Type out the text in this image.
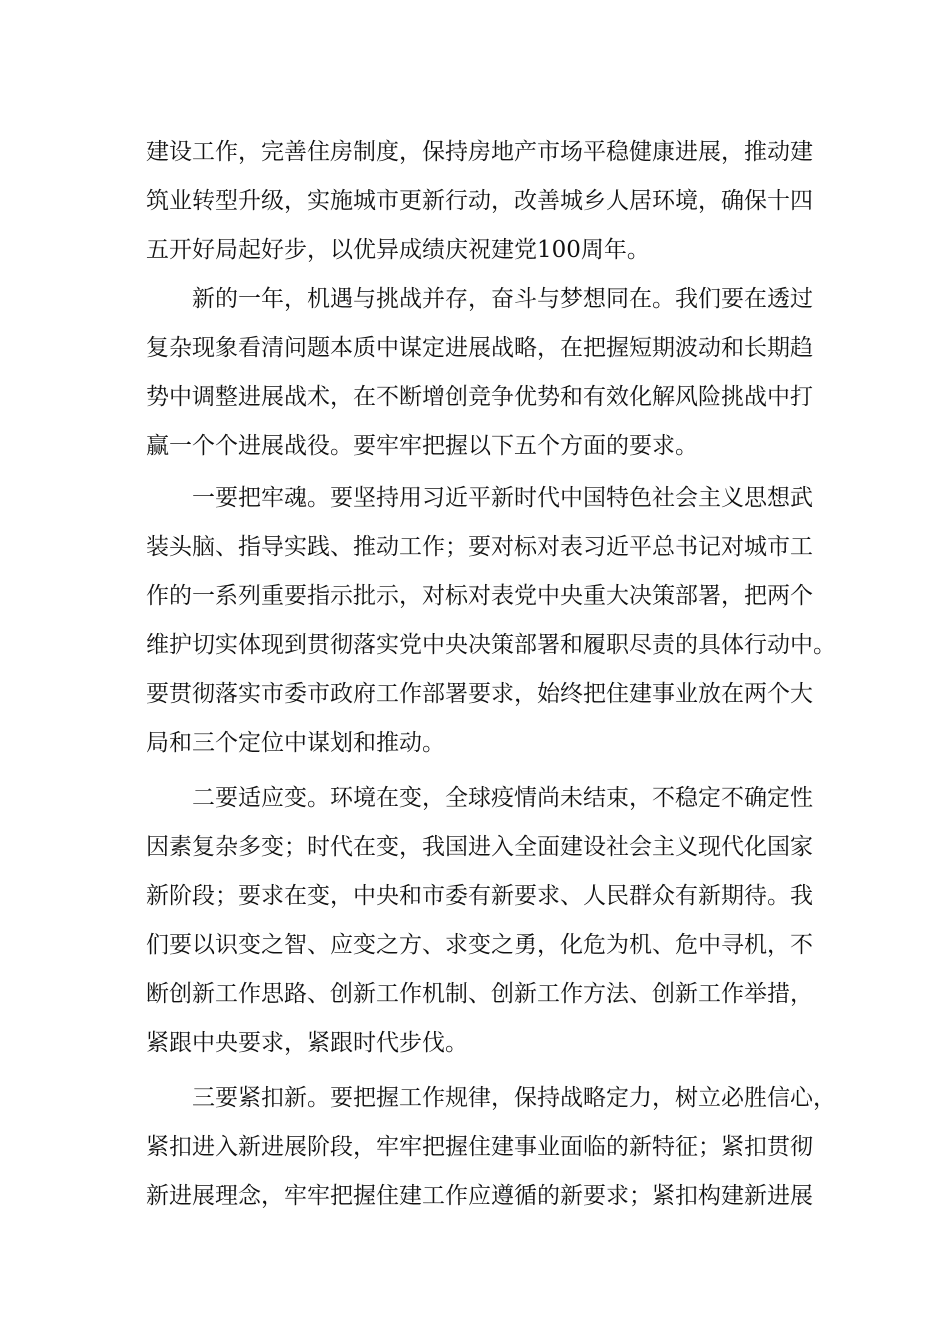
建设工作，完善住房制度，保持房地产市场平稳健康进展，推动建
筑业转型升级，实施城市更新行动，改善城乡人居环境，确保十四
五开好局起好步，以优异成绩庆祝建党100周年。
新的一年，机遇与挑战并存，奋斗与梦想同在。我们要在透过
复杂现象看清问题本质中谋定进展战略，在把握短期波动和长期趋
势中调整进展战术，在不断增创竞争优势和有效化解风险挑战中打
赢一个个进展战役。要牢牢把握以下五个方面的要求。
一要把牢魂。要坚持用习近平新时代中国特色社会主义思想武
装头脑、指导实践、推动工作；要对标对表习近平总书记对城市工
作的一系列重要指示批示，对标对表党中央重大决策部署，把两个
维护切实体现到贯彻落实党中央决策部署和履职尽责的具体行动中。
要贯彻落实市委市政府工作部署要求，始终把住建事业放在两个大
局和三个定位中谋划和推动。
二要适应变。环境在变，全球疫情尚未结束，不稳定不确定性
因素复杂多变；时代在变，我国进入全面建设社会主义现代化国家
新阶段；要求在变，中央和市委有新要求、人民群众有新期待。我
们要以识变之智、应变之方、求变之勇，化危为机、危中寻机，不
断创新工作思路、创新工作机制、创新工作方法、创新工作举措，
紧跟中央要求，紧跟时代步伐。
三要紧扣新。要把握工作规律，保持战略定力，树立必胜信心，
紧扣进入新进展阶段，牢牢把握住建事业面临的新特征；紧扣贯彻
新进展理念，牢牢把握住建工作应遵循的新要求；紧扣构建新进展
